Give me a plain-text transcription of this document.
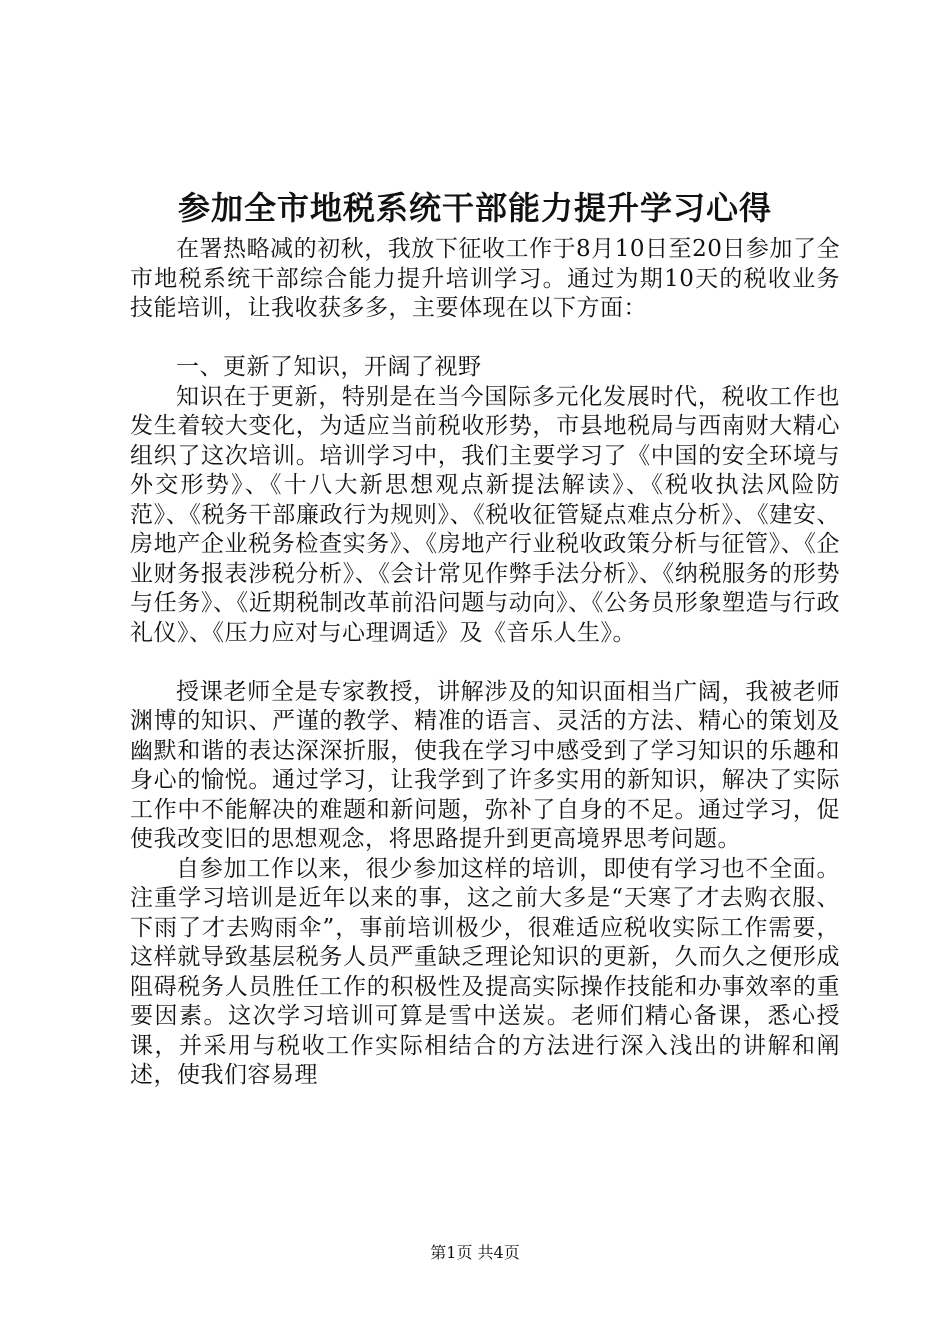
参加全市地税系统干部能力提升学习心得

在署热略减的初秋，我放下征收工作于8月10日至20日参加了全市地税系统干部综合能力提升培训学习。通过为期10天的税收业务技能培训，让我收获多多，主要体现在以下方面：

一、更新了知识，开阔了视野

知识在于更新，特别是在当今国际多元化发展时代，税收工作也发生着较大变化，为适应当前税收形势，市县地税局与西南财大精心组织了这次培训。培训学习中，我们主要学习了《中国的安全环境与外交形势》、《十八大新思想观点新提法解读》、《税收执法风险防范》、《税务干部廉政行为规则》、《税收征管疑点难点分析》、《建安、房地产企业税务检查实务》、《房地产行业税收政策分析与征管》、《企业财务报表涉税分析》、《会计常见作弊手法分析》、《纳税服务的形势与任务》、《近期税制改革前沿问题与动向》、《公务员形象塑造与行政礼仪》、《压力应对与心理调适》及《音乐人生》。

授课老师全是专家教授，讲解涉及的知识面相当广阔，我被老师渊博的知识、严谨的教学、精准的语言、灵活的方法、精心的策划及幽默和谐的表达深深折服，使我在学习中感受到了学习知识的乐趣和身心的愉悦。通过学习，让我学到了许多实用的新知识，解决了实际工作中不能解决的难题和新问题，弥补了自身的不足。通过学习，促使我改变旧的思想观念，将思路提升到更高境界思考问题。

自参加工作以来，很少参加这样的培训，即使有学习也不全面。注重学习培训是近年以来的事，这之前大多是“天寒了才去购衣服、下雨了才去购雨伞”，事前培训极少，很难适应税收实际工作需要，这样就导致基层税务人员严重缺乏理论知识的更新，久而久之便形成阻碍税务人员胜任工作的积极性及提高实际操作技能和办事效率的重要因素。这次学习培训可算是雪中送炭。老师们精心备课，悉心授课，并采用与税收工作实际相结合的方法进行深入浅出的讲解和阐述，使我们容易理

第1页 共4页
